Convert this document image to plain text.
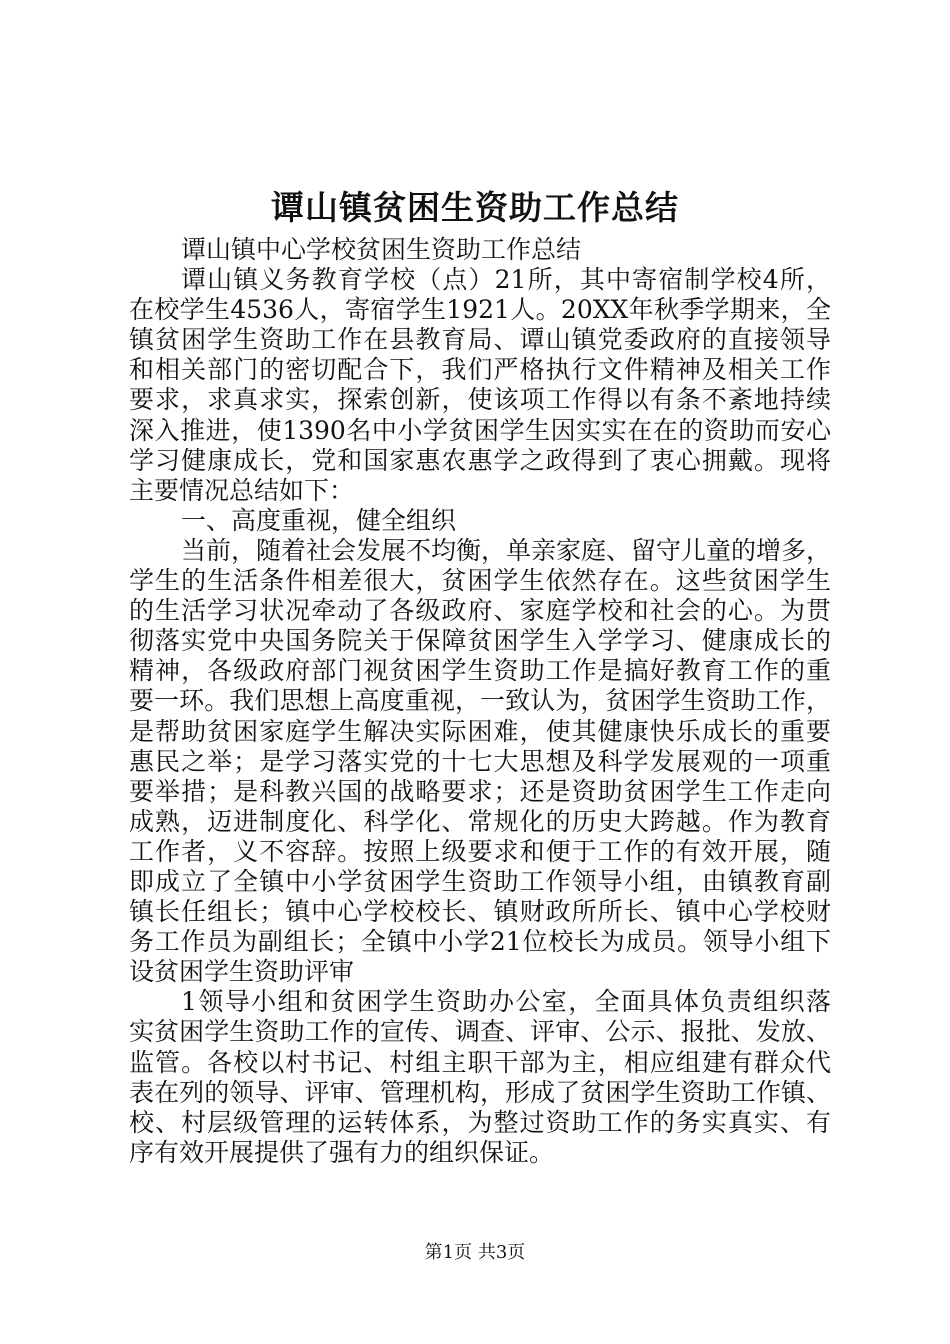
谭山镇贫困生资助工作总结
谭山镇中心学校贫困生资助工作总结
谭山镇义务教育学校（点）21所，其中寄宿制学校4所，
在校学生4536人，寄宿学生1921人。20XX年秋季学期来，全
镇贫困学生资助工作在县教育局、谭山镇党委政府的直接领导
和相关部门的密切配合下，我们严格执行文件精神及相关工作
要求，求真求实，探索创新，使该项工作得以有条不紊地持续
深入推进，使1390名中小学贫困学生因实实在在的资助而安心
学习健康成长，党和国家惠农惠学之政得到了衷心拥戴。现将
主要情况总结如下：
一、高度重视，健全组织
当前，随着社会发展不均衡，单亲家庭、留守儿童的增多，
学生的生活条件相差很大，贫困学生依然存在。这些贫困学生
的生活学习状况牵动了各级政府、家庭学校和社会的心。为贯
彻落实党中央国务院关于保障贫困学生入学学习、健康成长的
精神，各级政府部门视贫困学生资助工作是搞好教育工作的重
要一环。我们思想上高度重视，一致认为，贫困学生资助工作，
是帮助贫困家庭学生解决实际困难，使其健康快乐成长的重要
惠民之举；是学习落实党的十七大思想及科学发展观的一项重
要举措；是科教兴国的战略要求；还是资助贫困学生工作走向
成熟，迈进制度化、科学化、常规化的历史大跨越。作为教育
工作者，义不容辞。按照上级要求和便于工作的有效开展，随
即成立了全镇中小学贫困学生资助工作领导小组，由镇教育副
镇长任组长；镇中心学校校长、镇财政所所长、镇中心学校财
务工作员为副组长；全镇中小学21位校长为成员。领导小组下
设贫困学生资助评审
1领导小组和贫困学生资助办公室，全面具体负责组织落
实贫困学生资助工作的宣传、调查、评审、公示、报批、发放、
监管。各校以村书记、村组主职干部为主，相应组建有群众代
表在列的领导、评审、管理机构，形成了贫困学生资助工作镇、
校、村层级管理的运转体系，为整过资助工作的务实真实、有
序有效开展提供了强有力的组织保证。
第1页 共3页
